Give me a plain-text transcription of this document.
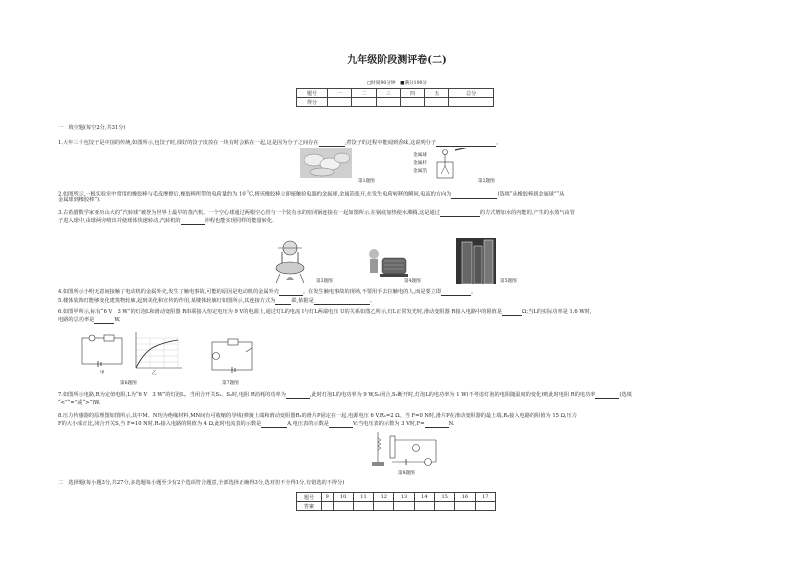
九年级阶段测评卷(二)
□时间90分钟　■满分100分
题号	一	二	三	四	五	总分
得分						
一　填空题(每空2分,共31分)
1.大年三十包饺子是中国的传统,如图所示,包饺子时,揉好的饺子皮放在一块有时会粘在一起,这是因为分子之间存在	,煮饺子的过程中能闻到香味,这说明分子	。
第1题图
金属球
金属杆
金属箔
第2题图
2.如图所示,一根实验室中常用的橡胶棒与毛皮摩擦后,橡胶棒所带的电荷量约为 $10^{-7}C$,将该橡胶棒立即接触验电器的金属球,金属箔张开,在发生电荷转移的瞬间,电流的方向为	(选填“从橡胶棒到金属球”“从
金属球到橡胶棒”).
3.古希腊数学家亚历山大的“汽转球”被誉为世界上最早的蒸汽机。一个空心球通过两根空心管与一个装有水的密闭锅连接在一起如图所示,在锅底加热使水沸腾,这是通过	的方式增加水的内能的,产生的水蒸气由管
子进入球中,由球两旁喷出并使球体快速转动,汽转机的	冲程也能实现同样的能量转化.
第3题图	第4题图	第5题图
4.如图所示小明无意间接触了电动机的金属外壳,发生了触电事故,可能的原因是电动机的金属外壳	。在发生触电事故的现场,不要用手去拉触电的人,而是要立即	。
5.楼体装饰灯能够变化建筑物轮廓,起到美化和宣传的作用,某楼体轮廓灯如图所示,其连接方式为	联,依据是	。
6.如图甲所示,标有“6 V　3 W”的灯泡L和滑动变阻器 R串联接入恒定电压为 9 V的电源上,通过灯L的电流 I与灯L两端电压 U的关系如图乙所示,灯L正常发光时,滑动变阻器 R接入电路中的阻值是	Ω;当L的实际功率是 1.6 W时,
电路的总功率是	W.
甲	乙
第6题图	第7题图
7.如图所示电路,R为定值电阻,L为“6 V　3 W”的灯泡L。当闭合开关S₁、S₂时,电阻 R消耗的功率为	,此时灯泡L的电功率为 9 W,S₁闭合,S₂断开时,灯泡L的电功率为 1 W(不考虑灯泡的电阻随温度的变化)则此时电阻 R的电功率	(选填
“<”“=”或“>”)W.
8.压力传感器的原理图如图所示,其中M、N均为绝缘材料,MN间有可收缩的导线(弹簧上端和滑动变阻器R₂的滑片P固定在一起,电源电压 6 V,R₁=2 Ω。当 F=0 N时,滑片P在滑动变阻器的最上端,R₂接入电路的阻值为 15 Ω,压力
F的大小成正比,闭合开关S,当 F=10 N时,R₂接入电路的阻值为 4 Ω,此时电流表的示数是	A,电压表的示数是	V;当电压表的示数为 3 V时,F=	N.
第8题图
二　选择题(每小题3分,共27分,多选题每小题至少有2个选项符合题意,全部选择正确得3分,选对但不全得1分,有错选的不得分)
题号	9	10	11	12	13	14	15	16	17
答案									
